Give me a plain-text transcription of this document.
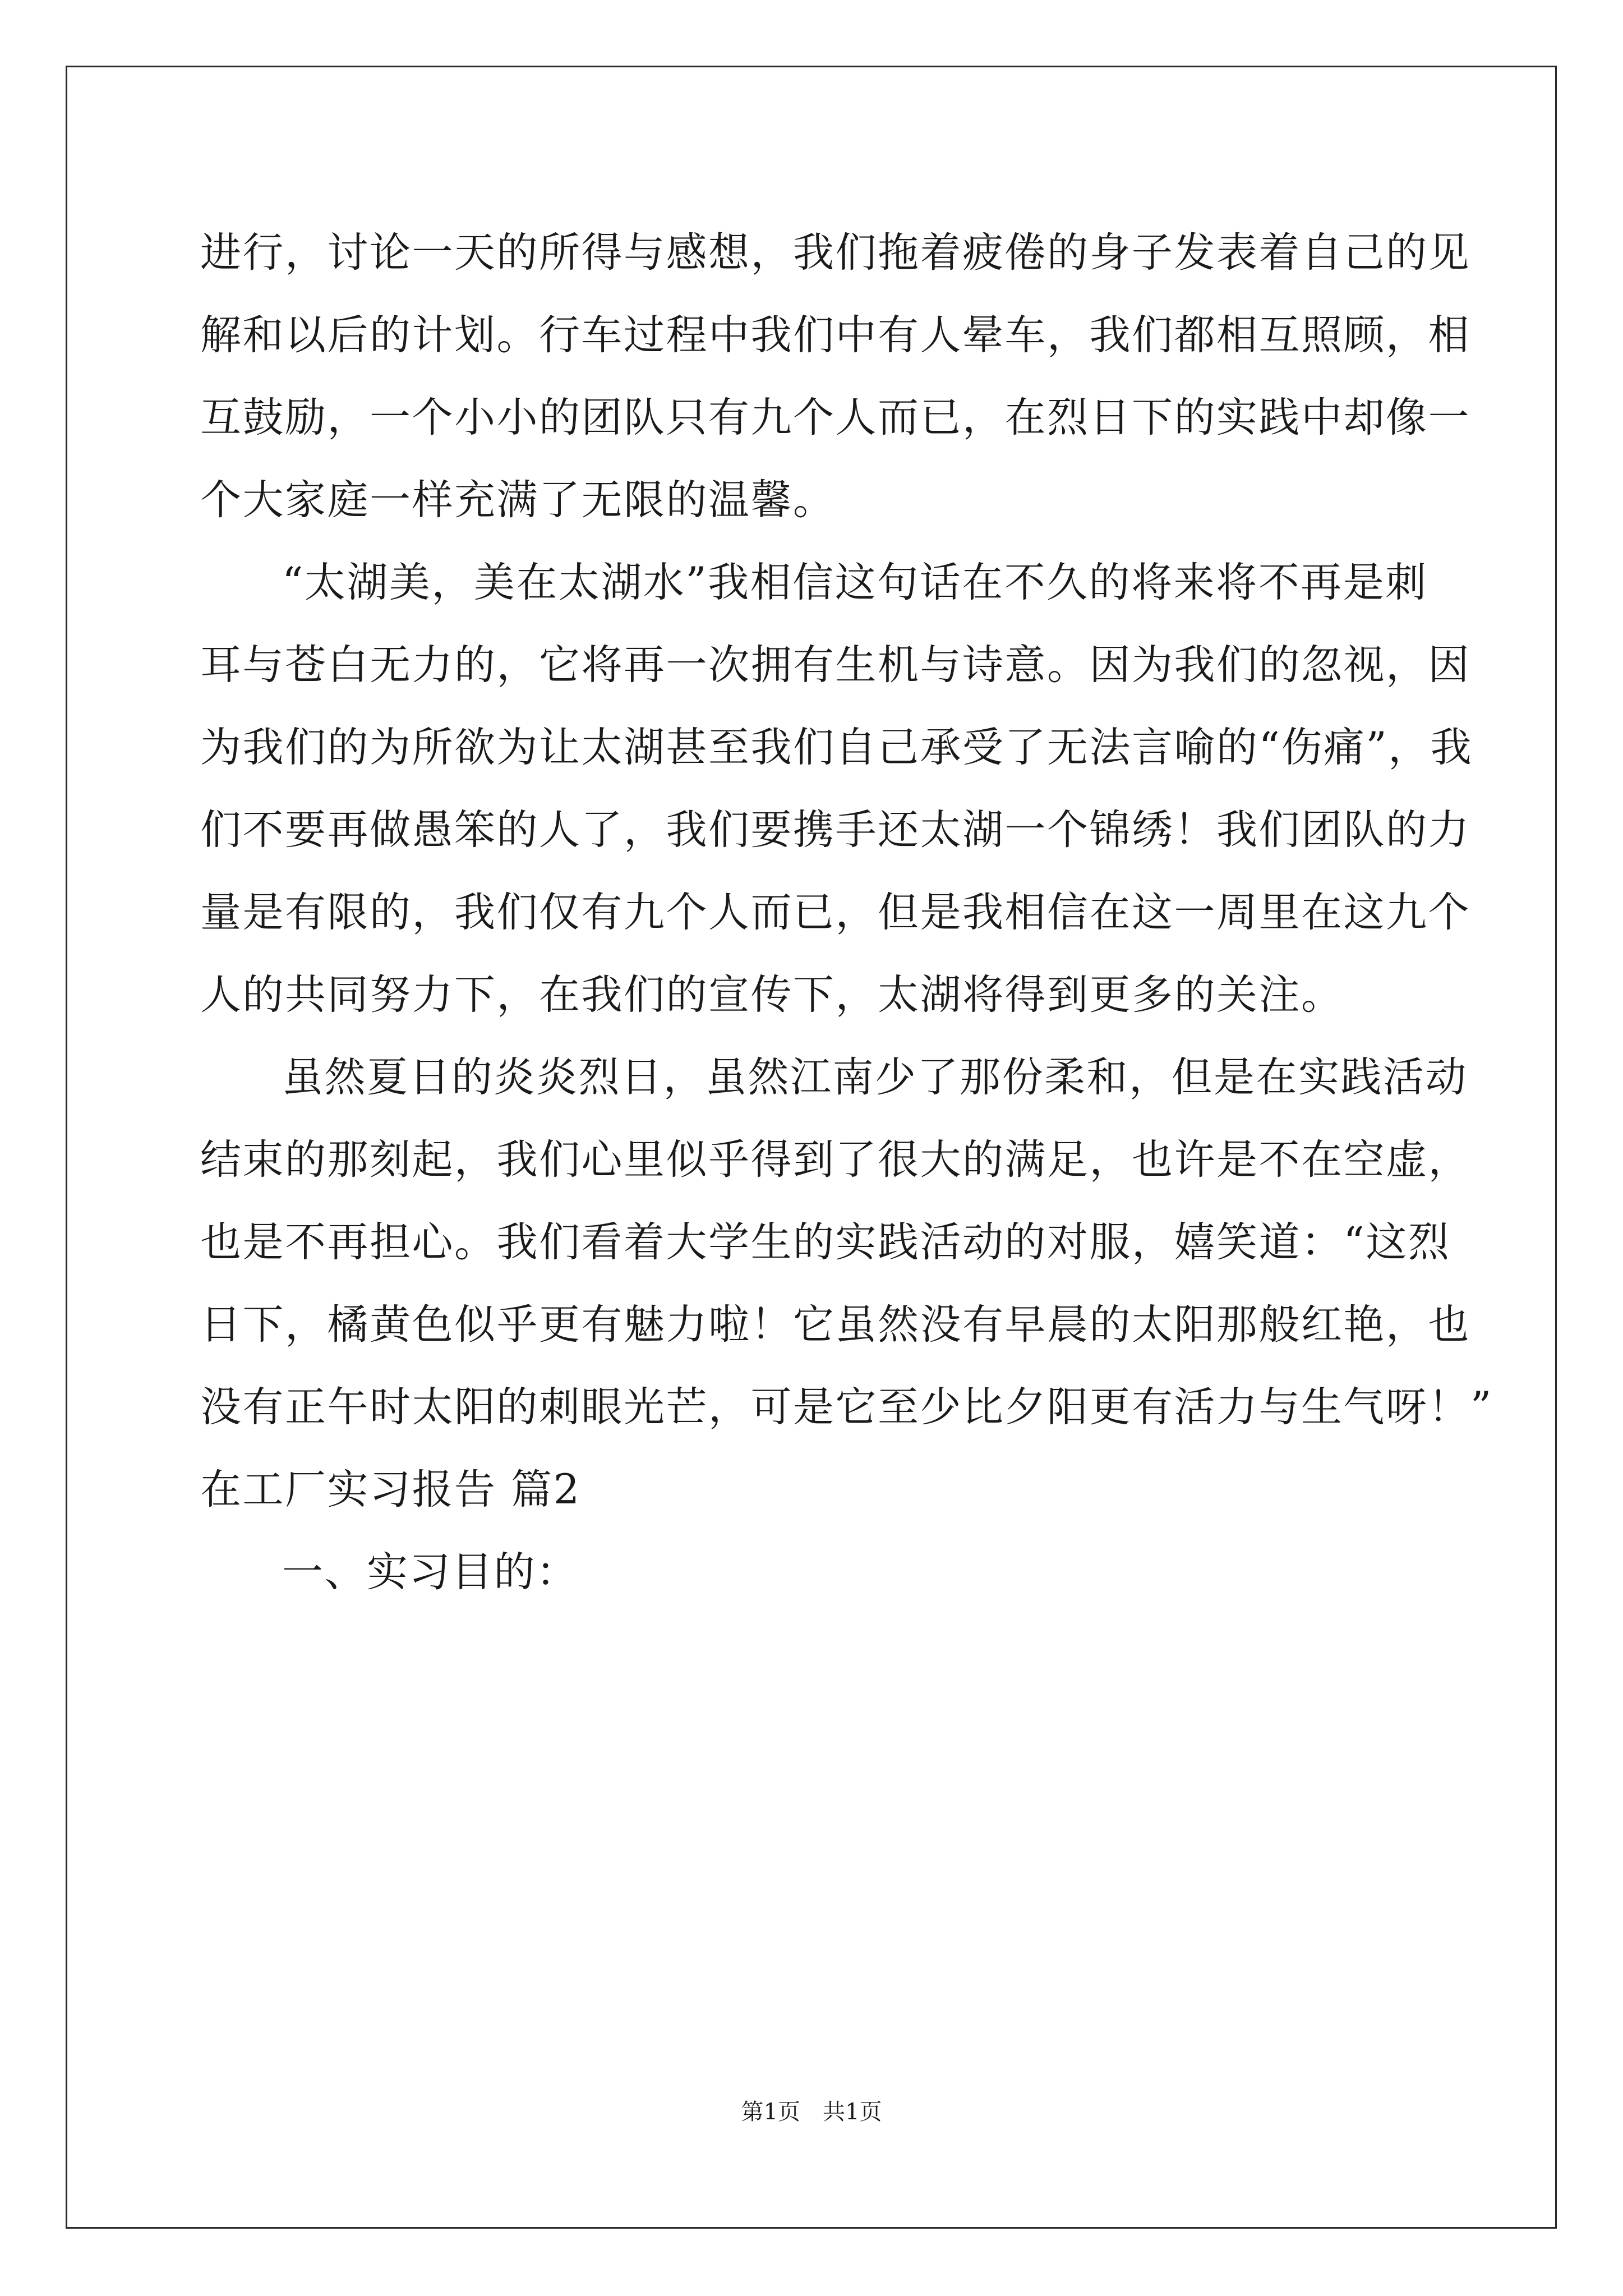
进行，讨论一天的所得与感想，我们拖着疲倦的身子发表着自己的见
解和以后的计划。行车过程中我们中有人晕车，我们都相互照顾，相
互鼓励，一个小小的团队只有九个人而已，在烈日下的实践中却像一
个大家庭一样充满了无限的温馨。
“太湖美，美在太湖水”我相信这句话在不久的将来将不再是刺
耳与苍白无力的，它将再一次拥有生机与诗意。因为我们的忽视，因
为我们的为所欲为让太湖甚至我们自己承受了无法言喻的“伤痛”，我
们不要再做愚笨的人了，我们要携手还太湖一个锦绣！我们团队的力
量是有限的，我们仅有九个人而已，但是我相信在这一周里在这九个
人的共同努力下，在我们的宣传下，太湖将得到更多的关注。
虽然夏日的炎炎烈日，虽然江南少了那份柔和，但是在实践活动
结束的那刻起，我们心里似乎得到了很大的满足，也许是不在空虚，
也是不再担心。我们看着大学生的实践活动的对服，嬉笑道：“这烈
日下，橘黄色似乎更有魅力啦！它虽然没有早晨的太阳那般红艳，也
没有正午时太阳的刺眼光芒，可是它至少比夕阳更有活力与生气呀！”
在工厂实习报告 篇2
一、实习目的：
第1页 共1页
